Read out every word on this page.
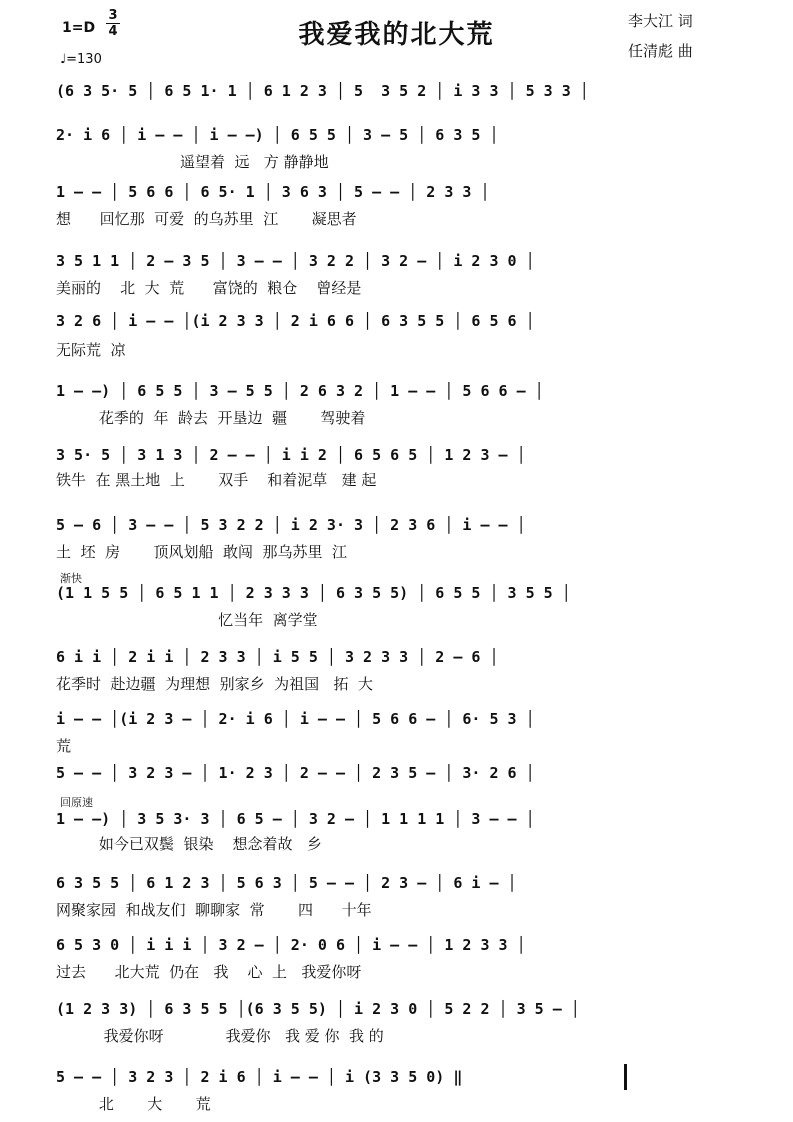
我爱我的北大荒
1=D
3
4
♩=130
李大江 词
任清彪 曲
(6 3 5· 5 │ 6 5 1· 1 │ 6 1 2 3 │ 5  3 5 2 │ i 3 3 │ 5 3 3 │
2· i 6 │ i — — │ i — —) │ 6 5 5 │ 3 — 5 │ 6 3 5 │
遥望着  远   方 静静地
1 — — │ 5 6 6 │ 6 5· 1 │ 3 6 3 │ 5 — — │ 2 3 3 │
想      回忆那  可爱  的乌苏里  江       凝思者
3 5 1 1 │ 2 — 3 5 │ 3 — — │ 3 2 2 │ 3 2 — │ i 2 3 0 │
美丽的    北  大  荒      富饶的  粮仓    曾经是
3 2 6 │ i — — │(i 2 3 3 │ 2 i 6 6 │ 6 3 5 5 │ 6 5 6 │
无际荒  凉
1 — —) │ 6 5 5 │ 3 — 5 5 │ 2 6 3 2 │ 1 — — │ 5 6 6 — │
花季的  年  龄去  开垦边  疆       驾驶着
3 5· 5 │ 3 1 3 │ 2 — — │ i i 2 │ 6 5 6 5 │ 1 2 3 — │
铁牛  在 黑土地  上       双手    和着泥草   建 起
5 — 6 │ 3 — — │ 5 3 2 2 │ i 2 3· 3 │ 2 3 6 │ i — — │
土  坯  房       顶风划船  敢闯  那乌苏里  江
渐快
(1 1 5 5 │ 6 5 1 1 │ 2 3 3 3 │ 6 3 5 5) │ 6 5 5 │ 3 5 5 │
忆当年  离学堂
6 i i │ 2 i i │ 2 3 3 │ i 5 5 │ 3 2 3 3 │ 2 — 6 │
花季时  赴边疆  为理想  别家乡  为祖国   拓  大
i — — │(i 2 3 — │ 2· i 6 │ i — — │ 5 6 6 — │ 6· 5 3 │
荒
5 — — │ 3 2 3 — │ 1· 2 3 │ 2 — — │ 2 3 5 — │ 3· 2 6 │
回原速
1 — —) │ 3 5 3· 3 │ 6 5 — │ 3 2 — │ 1 1 1 1 │ 3 — — │
如今已双鬓  银染    想念着故   乡
6 3 5 5 │ 6 1 2 3 │ 5 6 3 │ 5 — — │ 2 3 — │ 6 i — │
网聚家园  和战友们  聊聊家  常       四      十年
6 5 3 0 │ i i i │ 3 2 — │ 2· 0 6 │ i — — │ 1 2 3 3 │
过去      北大荒  仍在   我    心  上   我爱你呀
(1 2 3 3) │ 6 3 5 5 │(6 3 5 5) │ i 2 3 0 │ 5 2 2 │ 3 5 — │
我爱你呀             我爱你   我 爱 你  我 的
5 — — │ 3 2 3 │ 2 i 6 │ i — — │ i (3 3 5 0) ‖
北       大       荒
